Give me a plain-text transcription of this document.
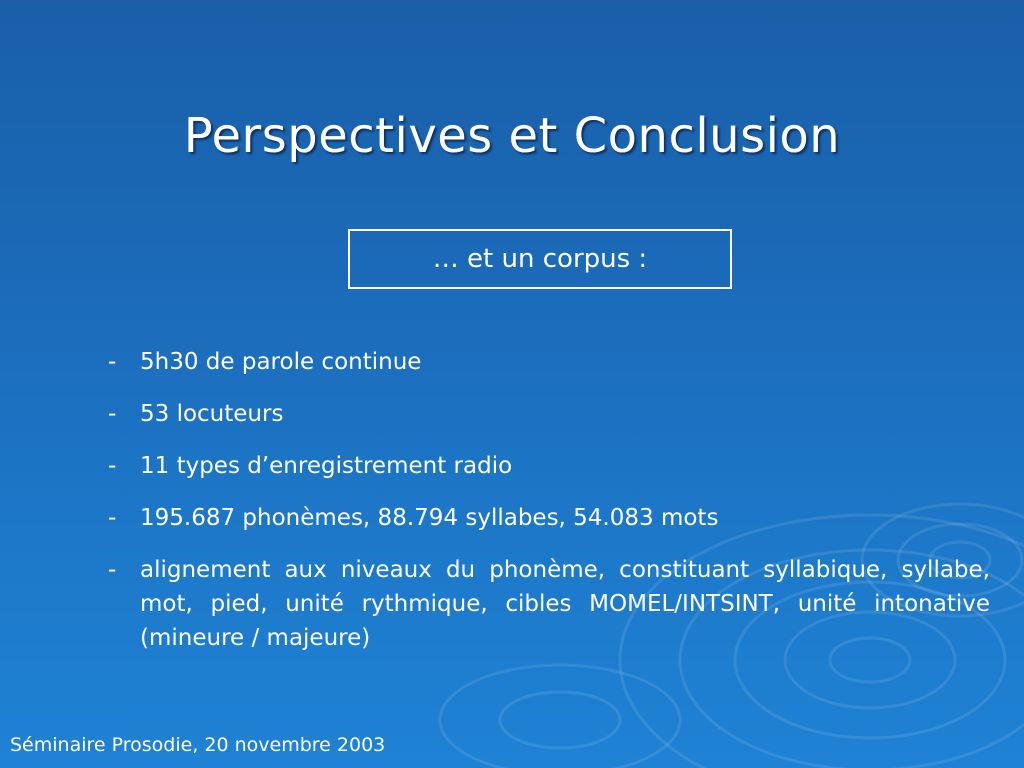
Perspectives et Conclusion
… et un corpus :
- 5h30 de parole continue
- 53 locuteurs
- 11 types d’enregistrement radio
- 195.687 phonèmes, 88.794 syllabes, 54.083 mots
- alignement aux niveaux du phonème, constituant syllabique, syllabe, mot, pied, unité rythmique, cibles MOMEL/INTSINT, unité intonative (mineure / majeure)
Séminaire Prosodie, 20 novembre 2003
